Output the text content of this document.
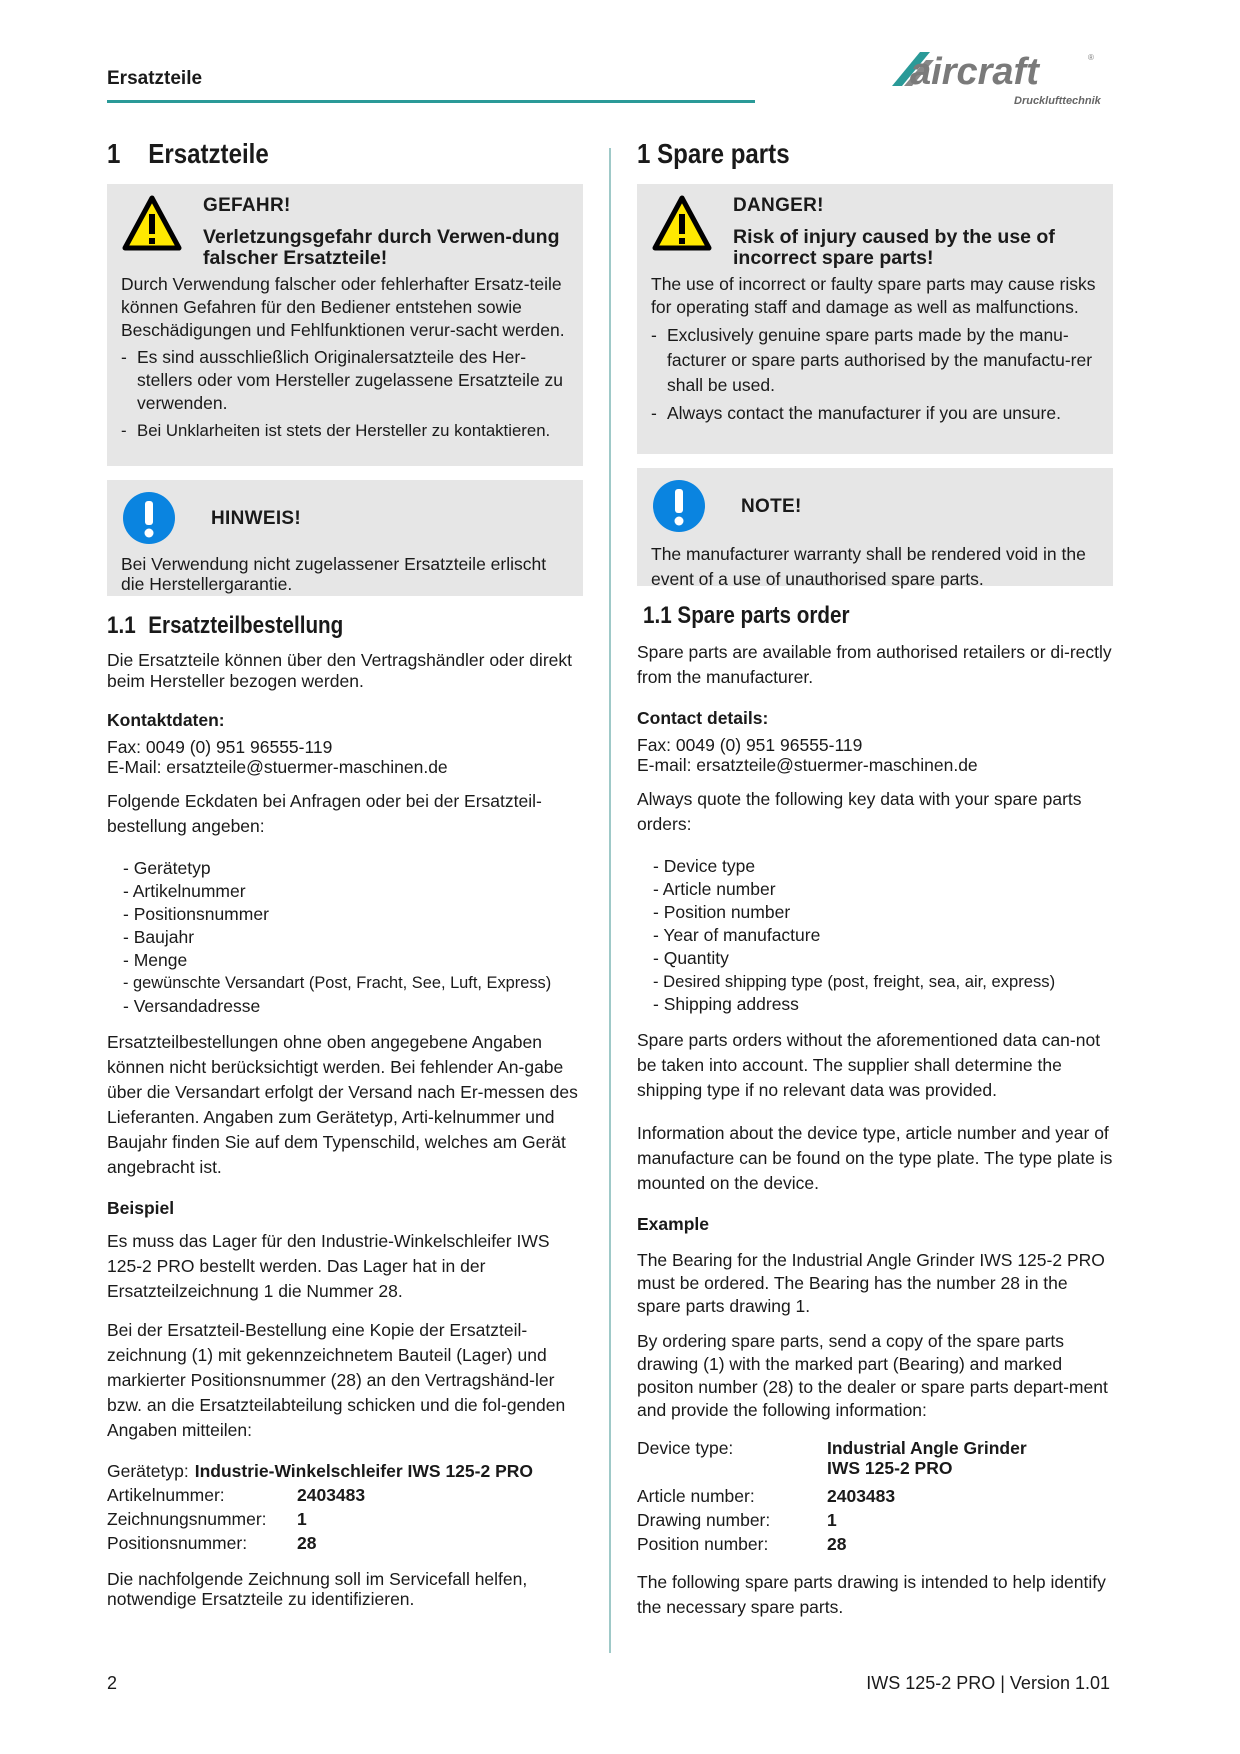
Ersatzteile	aircraft	®
Drucklufttechnik
1 Ersatzteile
GEFAHR!
Verletzungsgefahr durch Verwen-dung falscher Ersatzteile!

Durch Verwendung falscher oder fehlerhafter Ersatz-teile können Gefahren für den Bediener entstehen sowie Beschädigungen und Fehlfunktionen verur-sacht werden.

- Es sind ausschließlich Originalersatzteile des Her-stellers oder vom Hersteller zugelassene Ersatzteile zu verwenden.
- Bei Unklarheiten ist stets der Hersteller zu kontaktieren.
HINWEIS!

Bei Verwendung nicht zugelassener Ersatzteile erlischt die Herstellergarantie.

1.1 Ersatzteilbestellung

Die Ersatzteile können über den Vertragshändler oder direkt beim Hersteller bezogen werden.

Kontaktdaten:

Fax: 0049 (0) 951 96555-119

E-Mail: ersatzteile@stuermer-maschinen.de

Folgende Eckdaten bei Anfragen oder bei der Ersatzteil-bestellung angeben:

- Gerätetyp
- Artikelnummer
- Positionsnummer
- Baujahr
- Menge
- gewünschte Versandart (Post, Fracht, See, Luft, Express)
- Versandadresse

Ersatzteilbestellungen ohne oben angegebene Angaben können nicht berücksichtigt werden. Bei fehlender An-gabe über die Versandart erfolgt der Versand nach Er-messen des Lieferanten. Angaben zum Gerätetyp, Arti-kelnummer und Baujahr finden Sie auf dem Typenschild, welches am Gerät angebracht ist.

Beispiel

Es muss das Lager für den Industrie-Winkelschleifer IWS 125-2 PRO bestellt werden. Das Lager hat in der Ersatzteilzeichnung 1 die Nummer 28.

Bei der Ersatzteil-Bestellung eine Kopie der Ersatzteil-zeichnung (1) mit gekennzeichnetem Bauteil (Lager) und markierter Positionsnummer (28) an den Vertragshänd-ler bzw. an die Ersatzteilabteilung schicken und die fol-genden Angaben mitteilen:

Gerätetyp: Industrie-Winkelschleifer IWS 125-2 PRO
Artikelnummer:	2403483
Zeichnungsnummer:	1
Positionsnummer:	28

Die nachfolgende Zeichnung soll im Servicefall helfen, notwendige Ersatzteile zu identifizieren.

1 Spare parts
DANGER!
Risk of injury caused by the use of incorrect spare parts!

The use of incorrect or faulty spare parts may cause risks for operating staff and damage as well as malfunctions.

- Exclusively genuine spare parts made by the manu-facturer or spare parts authorised by the manufactu-rer shall be used.
- Always contact the manufacturer if you are unsure.
NOTE!

The manufacturer warranty shall be rendered void in the event of a use of unauthorised spare parts.

1.1 Spare parts order

Spare parts are available from authorised retailers or di-rectly from the manufacturer.

Contact details:

Fax: 0049 (0) 951 96555-119

E-mail: ersatzteile@stuermer-maschinen.de

Always quote the following key data with your spare parts orders:

- Device type
- Article number
- Position number
- Year of manufacture
- Quantity
- Desired shipping type (post, freight, sea, air, express)
- Shipping address

Spare parts orders without the aforementioned data can-not be taken into account. The supplier shall determine the shipping type if no relevant data was provided.

Information about the device type, article number and year of manufacture can be found on the type plate. The type plate is mounted on the device.

Example

The Bearing for the Industrial Angle Grinder IWS 125-2 PRO must be ordered. The Bearing has the number 28 in the spare parts drawing 1.

By ordering spare parts, send a copy of the spare parts drawing (1) with the marked part (Bearing) and marked positon number (28) to the dealer or spare parts depart-ment and provide the following information:

Device type:	Industrial Angle Grinder
IWS 125-2 PRO
Article number:	2403483
Drawing number:	1
Position number:	28

The following spare parts drawing is intended to help identify the necessary spare parts.

2	IWS 125-2 PRO | Version 1.01
